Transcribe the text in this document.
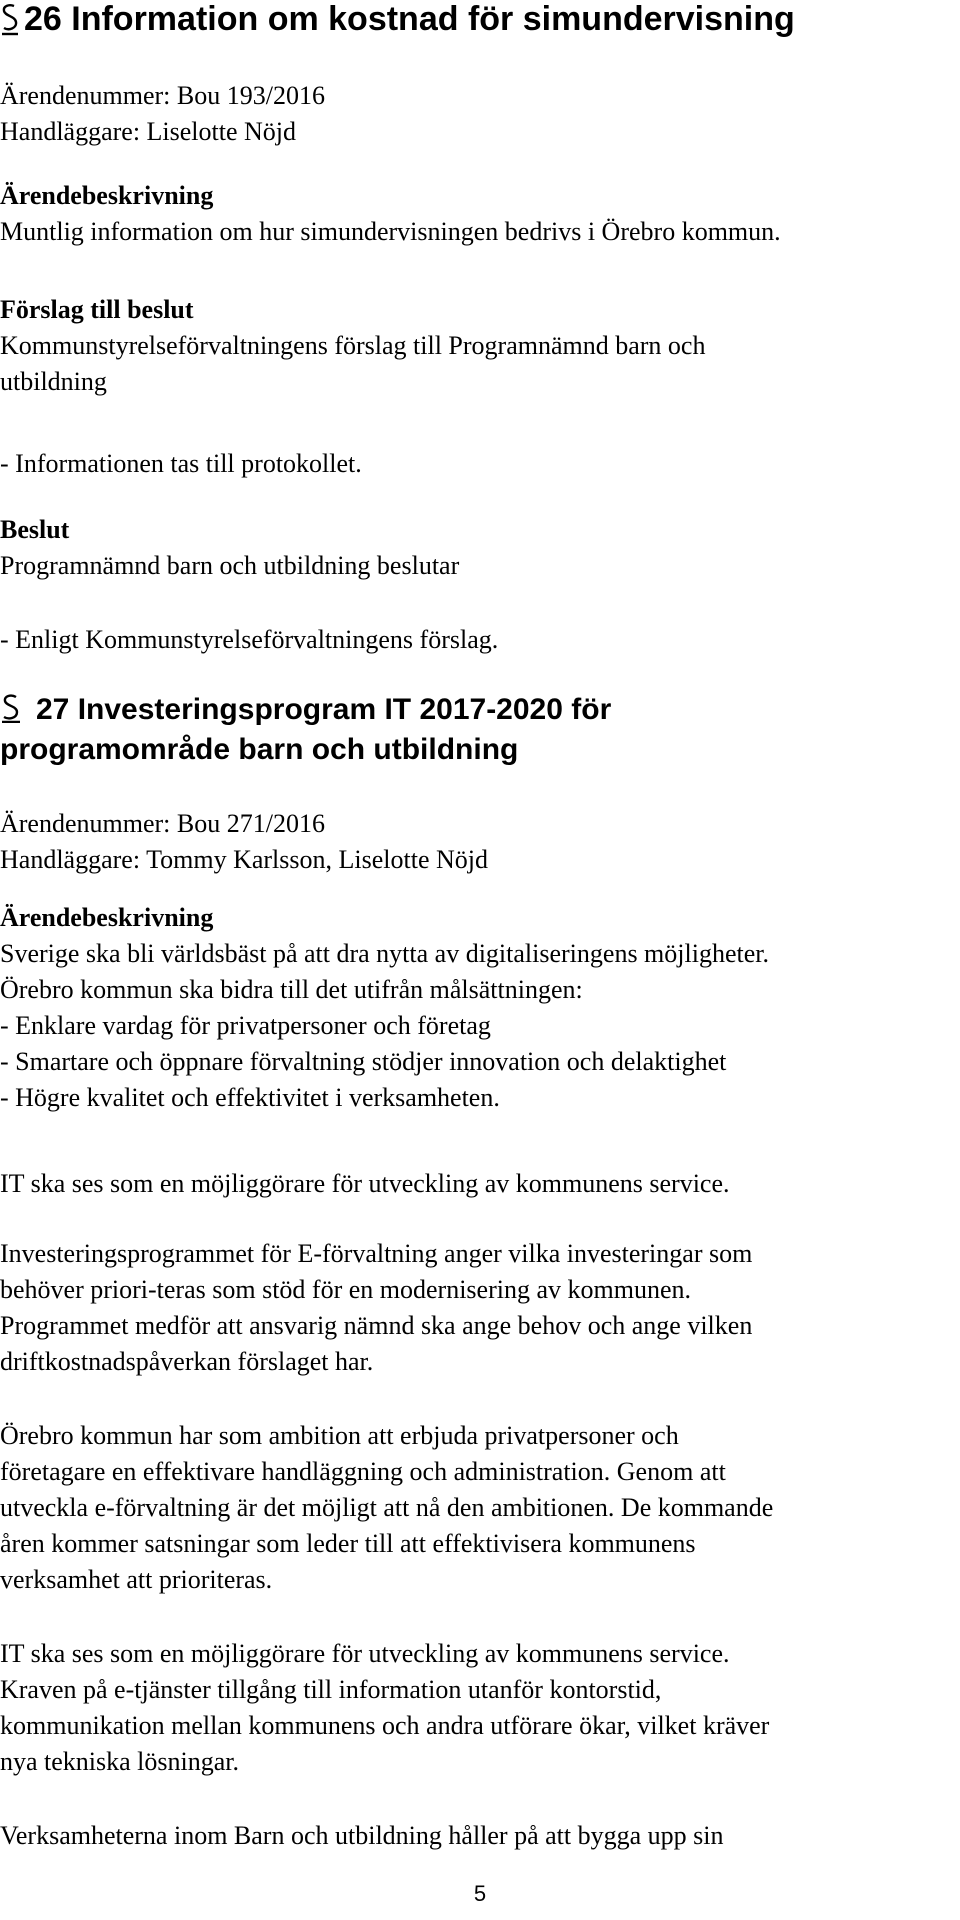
26 Information om kostnad för simundervisning
Ärendenummer: Bou 193/2016
Handläggare: Liselotte Nöjd
Ärendebeskrivning
Muntlig information om hur simundervisningen bedrivs i Örebro kommun.
Förslag till beslut
Kommunstyrelseförvaltningens förslag till Programnämnd barn och
utbildning
- Informationen tas till protokollet.
Beslut
Programnämnd barn och utbildning beslutar
- Enligt Kommunstyrelseförvaltningens förslag.
27 Investeringsprogram IT 2017-2020 för
programområde barn och utbildning
Ärendenummer: Bou 271/2016
Handläggare: Tommy Karlsson, Liselotte Nöjd
Ärendebeskrivning
Sverige ska bli världsbäst på att dra nytta av digitaliseringens möjligheter.
Örebro kommun ska bidra till det utifrån målsättningen:
- Enklare vardag för privatpersoner och företag
- Smartare och öppnare förvaltning stödjer innovation och delaktighet
- Högre kvalitet och effektivitet i verksamheten.
IT ska ses som en möjliggörare för utveckling av kommunens service.
Investeringsprogrammet för E-förvaltning anger vilka investeringar som
behöver priori-teras som stöd för en modernisering av kommunen.
Programmet medför att ansvarig nämnd ska ange behov och ange vilken
driftkostnadspåverkan förslaget har.
Örebro kommun har som ambition att erbjuda privatpersoner och
företagare en effektivare handläggning och administration. Genom att
utveckla e-förvaltning är det möjligt att nå den ambitionen. De kommande
åren kommer satsningar som leder till att effektivisera kommunens
verksamhet att prioriteras.
IT ska ses som en möjliggörare för utveckling av kommunens service.
Kraven på e-tjänster tillgång till information utanför kontorstid,
kommunikation mellan kommunens och andra utförare ökar, vilket kräver
nya tekniska lösningar.
Verksamheterna inom Barn och utbildning håller på att bygga upp sin
5
